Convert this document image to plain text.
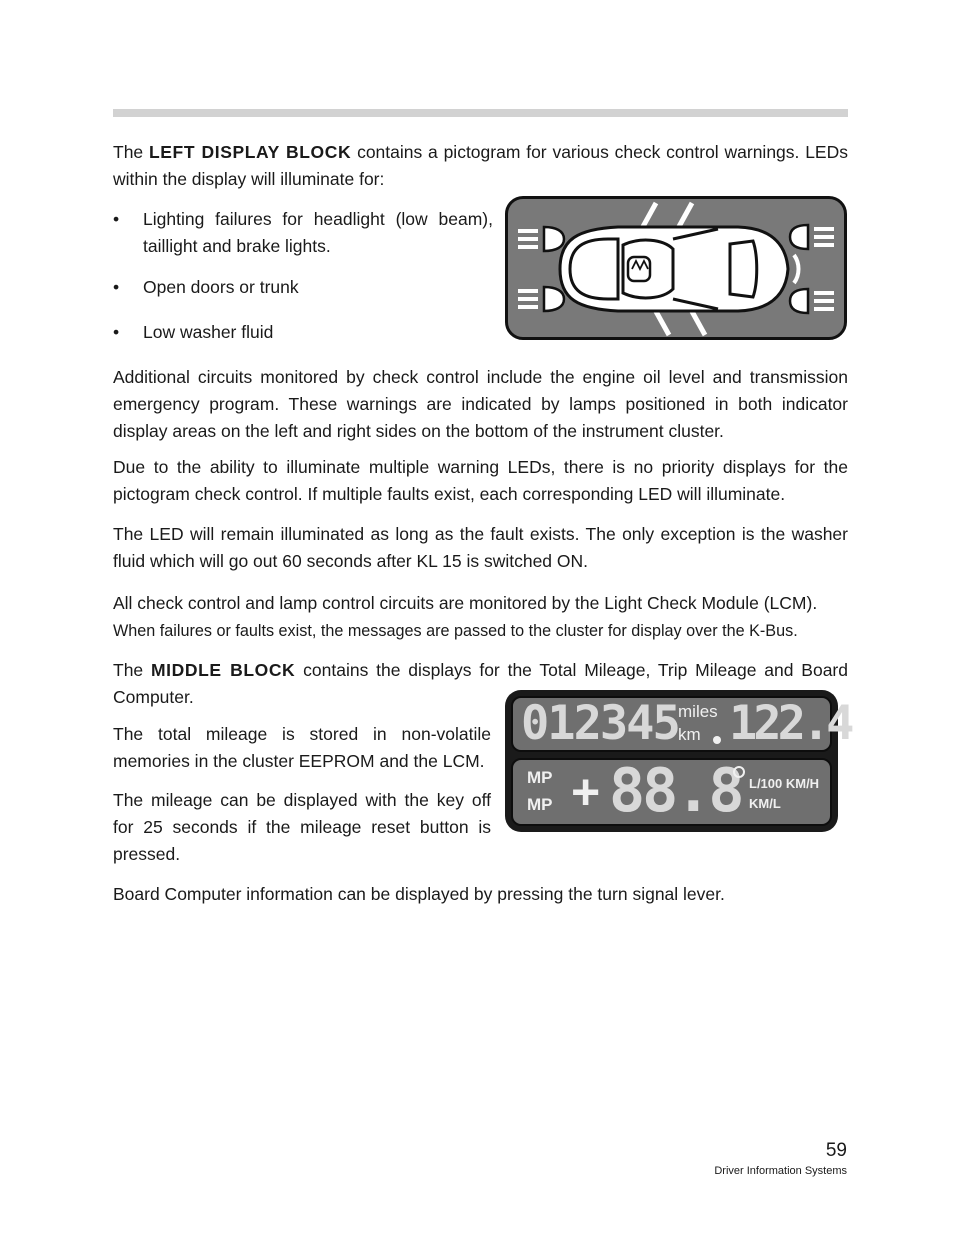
The LEFT DISPLAY BLOCK contains a pictogram for various check control warnings. LEDs within the display will illuminate for:

• Lighting failures for headlight (low beam), taillight and brake lights.
• Open doors or trunk
• Low washer fluid

Additional circuits monitored by check control include the engine oil level and transmission emergency program. These warnings are indicated by lamps positioned in both indicator display areas on the left and right sides on the bottom of the instrument cluster.

Due to the ability to illuminate multiple warning LEDs, there is no priority displays for the pictogram check control. If multiple faults exist, each corresponding LED will illuminate.

The LED will remain illuminated as long as the fault exists. The only exception is the washer fluid which will go out 60 seconds after KL 15 is switched ON.

All check control and lamp control circuits are monitored by the Light Check Module (LCM).
When failures or faults exist, the messages are passed to the cluster for display over the K-Bus.

The MIDDLE BLOCK contains the displays for the Total Mileage, Trip Mileage and Board Computer.

The total mileage is stored in non-volatile memories in the cluster EEPROM and the LCM.

The mileage can be displayed with the key off for 25 seconds if the mileage reset button is pressed.

012345 miles
km 122.4
MP
MP + 88.8 L/100 KM/H
KM/L

Board Computer information can be displayed by pressing the turn signal lever.

59
Driver Information Systems
